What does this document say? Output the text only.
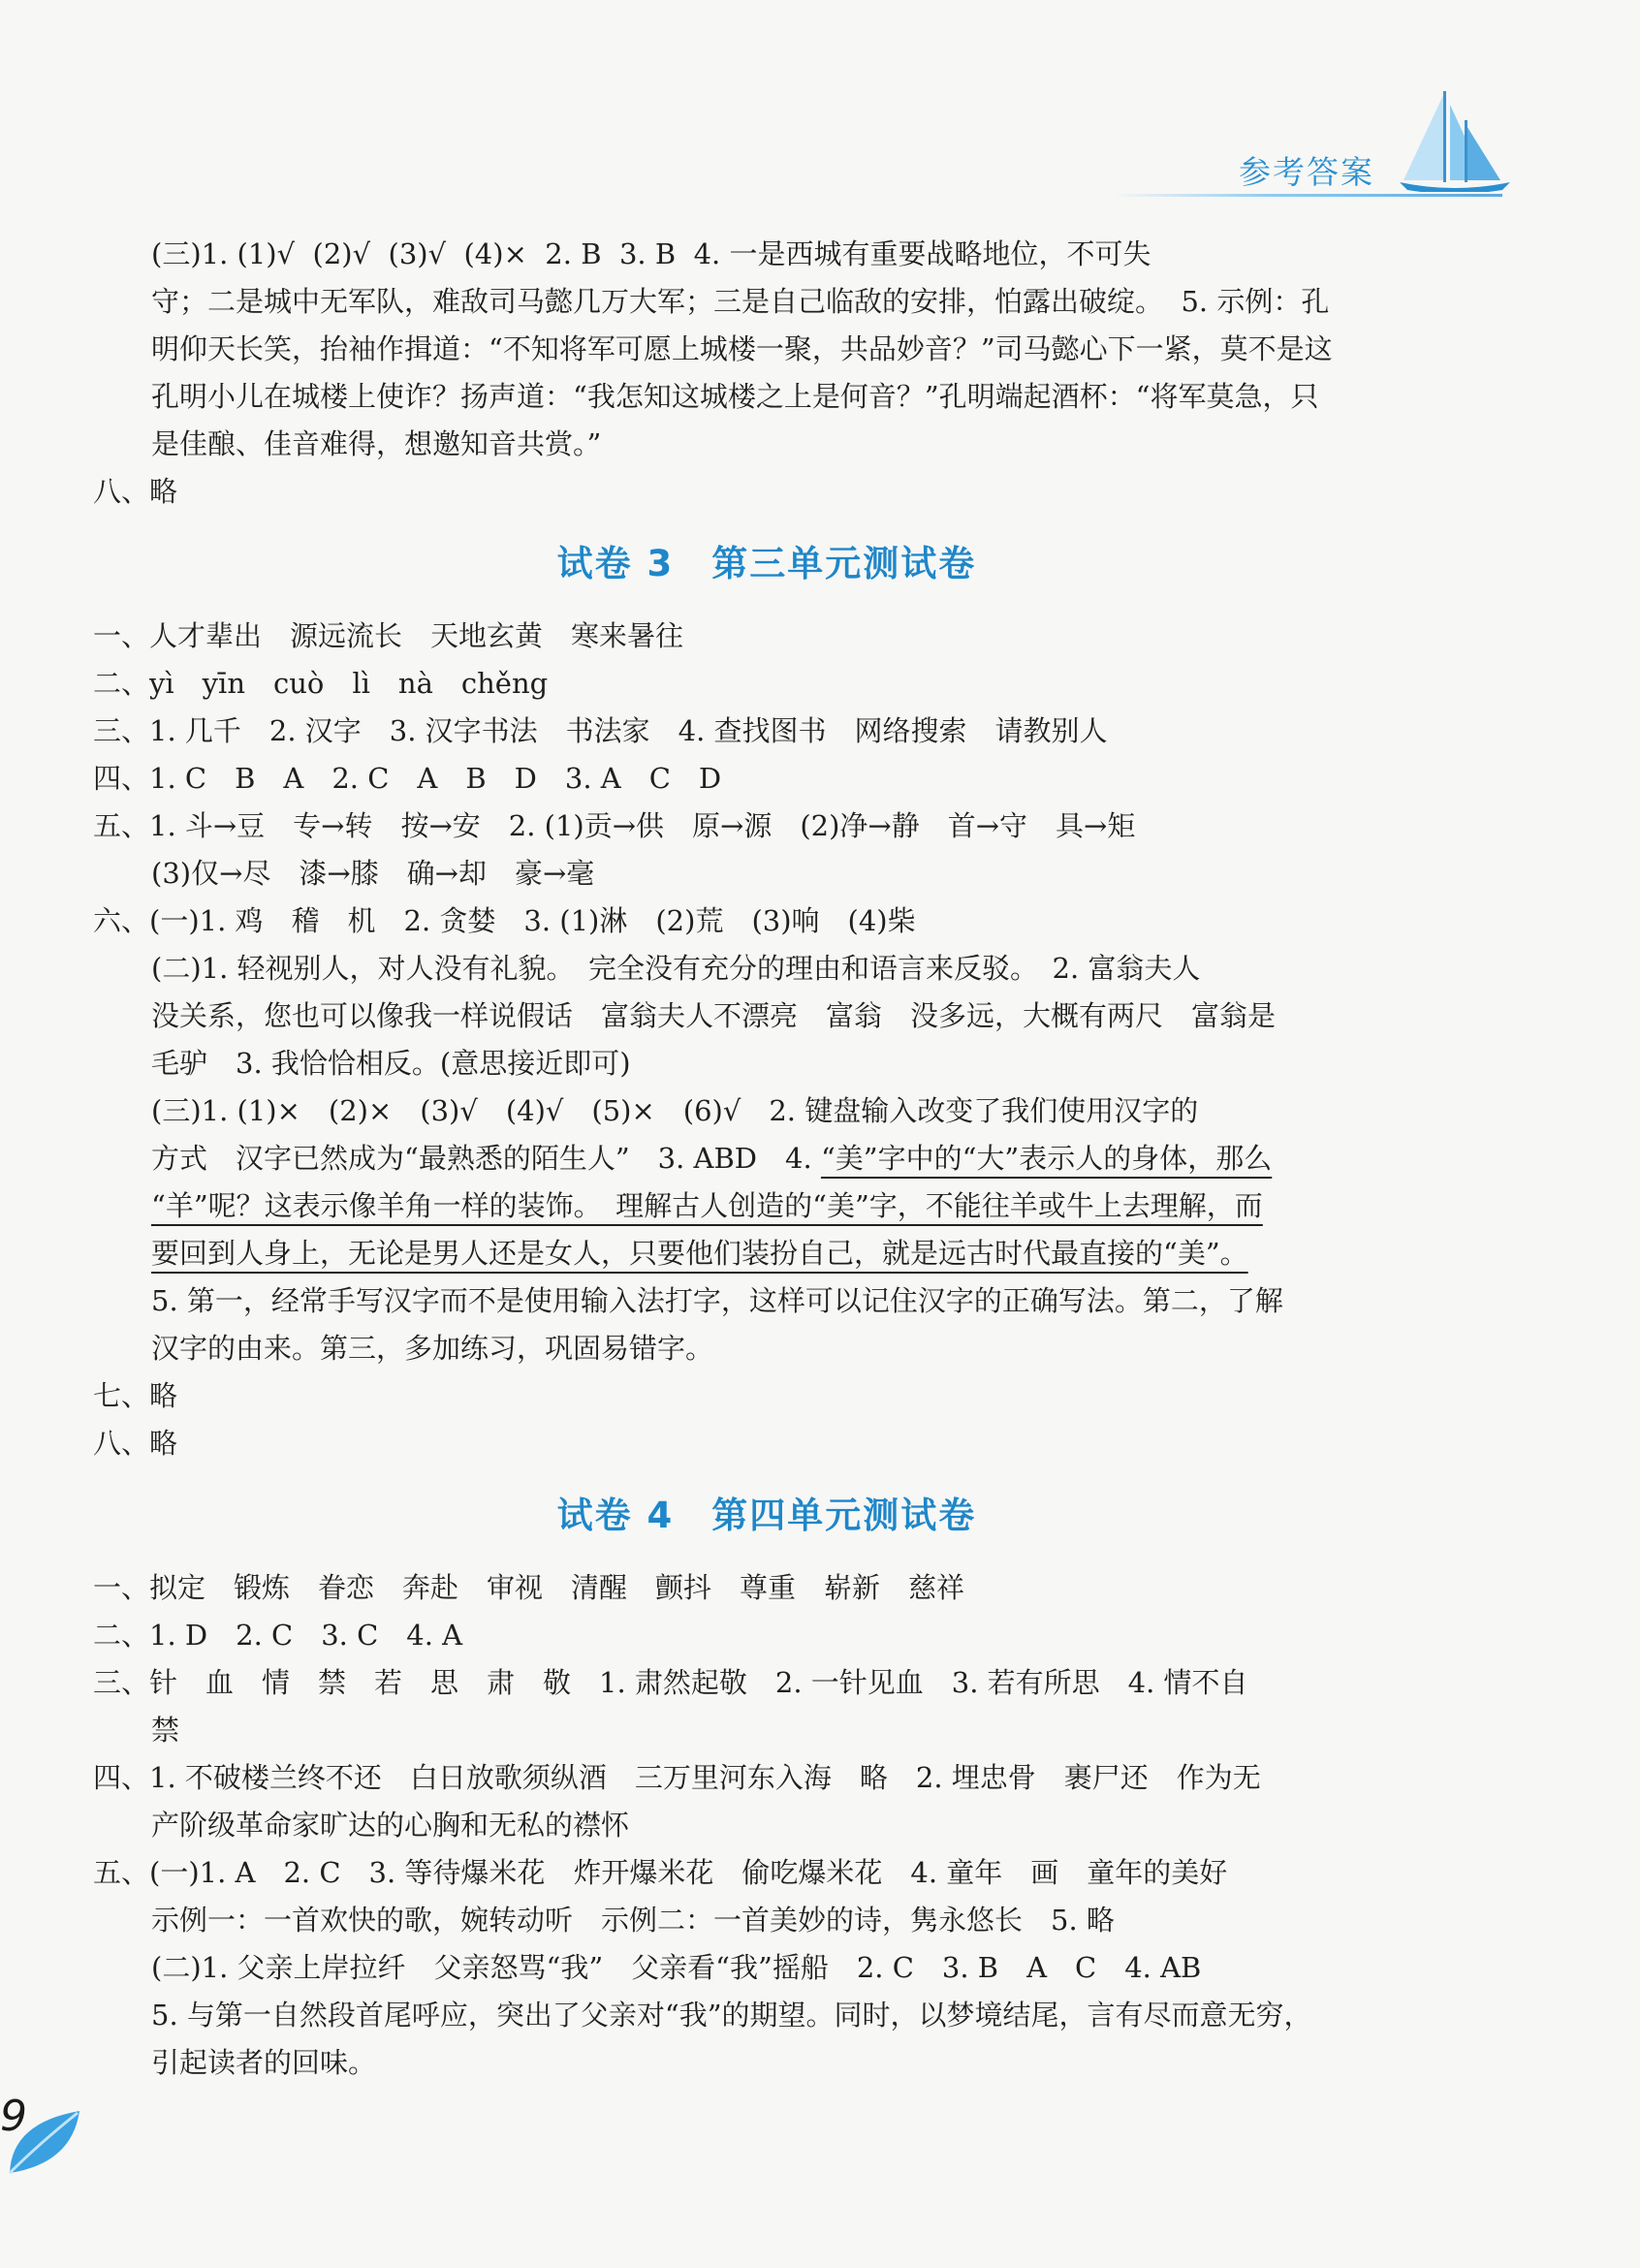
参考答案
(三)1. (1)√  (2)√  (3)√  (4)×  2. B  3. B  4. 一是西城有重要战略地位，不可失
守；二是城中无军队，难敌司马懿几万大军；三是自己临敌的安排，怕露出破绽。  5. 示例：孔
明仰天长笑，抬袖作揖道：“不知将军可愿上城楼一聚，共品妙音？”司马懿心下一紧，莫不是这
孔明小儿在城楼上使诈？扬声道：“我怎知这城楼之上是何音？”孔明端起酒杯：“将军莫急，只
是佳酿、佳音难得，想邀知音共赏。”
八、略
试卷 3　第三单元测试卷
一、人才辈出　源远流长　天地玄黄　寒来暑往
二、yì　yīn　cuò　lì　nà　chěng
三、1. 几千　2. 汉字　3. 汉字书法　书法家　4. 查找图书　网络搜索　请教别人
四、1. C　B　A　2. C　A　B　D　3. A　C　D
五、1. 斗→豆　专→转　按→安　2. (1)贡→供　原→源　(2)净→静　首→守　具→矩
(3)仅→尽　漆→膝　确→却　豪→毫
六、(一)1. 鸡　稽　机　2. 贪婪　3. (1)淋　(2)荒　(3)响　(4)柴
(二)1. 轻视别人，对人没有礼貌。　完全没有充分的理由和语言来反驳。　2. 富翁夫人
没关系，您也可以像我一样说假话　富翁夫人不漂亮　富翁　没多远，大概有两尺　富翁是
毛驴　3. 我恰恰相反。(意思接近即可)
(三)1. (1)×　(2)×　(3)√　(4)√　(5)×　(6)√　2. 键盘输入改变了我们使用汉字的
方式　汉字已然成为“最熟悉的陌生人”　3. ABD　4. “美”字中的“大”表示人的身体，那么
“羊”呢？这表示像羊角一样的装饰。　理解古人创造的“美”字，不能往羊或牛上去理解，而
要回到人身上，无论是男人还是女人，只要他们装扮自己，就是远古时代最直接的“美”。
5. 第一，经常手写汉字而不是使用输入法打字，这样可以记住汉字的正确写法。第二，了解
汉字的由来。第三，多加练习，巩固易错字。
七、略
八、略
试卷 4　第四单元测试卷
一、拟定　锻炼　眷恋　奔赴　审视　清醒　颤抖　尊重　崭新　慈祥
二、1. D　2. C　3. C　4. A
三、针　血　情　禁　若　思　肃　敬　1. 肃然起敬　2. 一针见血　3. 若有所思　4. 情不自
禁
四、1. 不破楼兰终不还　白日放歌须纵酒　三万里河东入海　略　2. 埋忠骨　裹尸还　作为无
产阶级革命家旷达的心胸和无私的襟怀
五、(一)1. A　2. C　3. 等待爆米花　炸开爆米花　偷吃爆米花　4. 童年　画　童年的美好
示例一：一首欢快的歌，婉转动听　示例二：一首美妙的诗，隽永悠长　5. 略
(二)1. 父亲上岸拉纤　父亲怒骂“我”　父亲看“我”摇船　2. C　3. B　A　C　4. AB
5. 与第一自然段首尾呼应，突出了父亲对“我”的期望。同时，以梦境结尾，言有尽而意无穷，
引起读者的回味。
9
